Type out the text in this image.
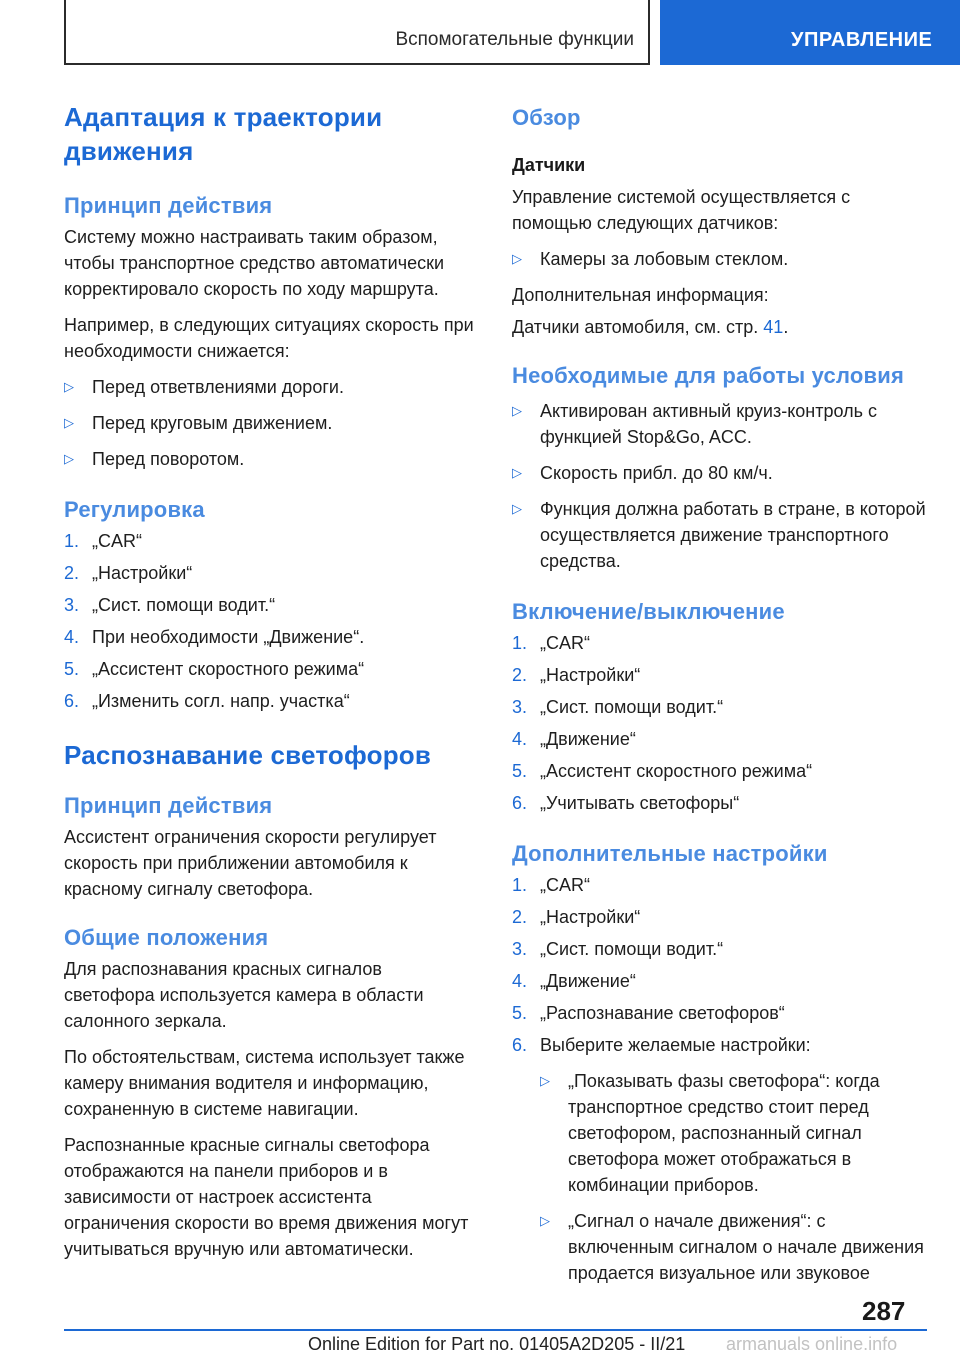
Вспомогательные функции	УПРАВЛЕНИЕ
Адаптация к траектории движения
Принцип действия
Систему можно настраивать таким образом, чтобы транспортное средство автоматически корректировало скорость по ходу маршрута.
Например, в следующих ситуациях скорость при необходимости снижается:
▷	Перед ответвлениями дороги.
▷	Перед круговым движением.
▷	Перед поворотом.
Регулировка
1. „CAR“
2. „Настройки“
3. „Сист. помощи водит.“
4. При необходимости „Движение“.
5. „Ассистент скоростного режима“
6. „Изменить согл. напр. участка“
Распознавание светофоров
Принцип действия
Ассистент ограничения скорости регулирует скорость при приближении автомобиля к красному сигналу светофора.
Общие положения
Для распознавания красных сигналов светофора используется камера в области салонного зеркала.
По обстоятельствам, система использует также камеру внимания водителя и информацию, сохраненную в системе навигации.
Распознанные красные сигналы светофора отображаются на панели приборов и в зависимости от настроек ассистента ограничения скорости во время движения могут учитываться вручную или автоматически.
Обзор
Датчики
Управление системой осуществляется с помощью следующих датчиков:
▷	Камеры за лобовым стеклом.
Дополнительная информация:
Датчики автомобиля, см. стр. 41.
Необходимые для работы условия
▷	Активирован активный круиз-контроль с функцией Stop&Go, ACC.
▷	Скорость прибл. до 80 км/ч.
▷	Функция должна работать в стране, в которой осуществляется движение транспортного средства.
Включение/выключение
1. „CAR“
2. „Настройки“
3. „Сист. помощи водит.“
4. „Движение“
5. „Ассистент скоростного режима“
6. „Учитывать светофоры“
Дополнительные настройки
1. „CAR“
2. „Настройки“
3. „Сист. помощи водит.“
4. „Движение“
5. „Распознавание светофоров“
6. Выберите желаемые настройки:
▷	„Показывать фазы светофора“: когда транспортное средство стоит перед светофором, распознанный сигнал светофора может отображаться в комбинации приборов.
▷	„Сигнал о начале движения“: с включенным сигналом о начале движения продается визуальное или звуковое
287
Online Edition for Part no. 01405A2D205 - II/21 armanuals online.info
